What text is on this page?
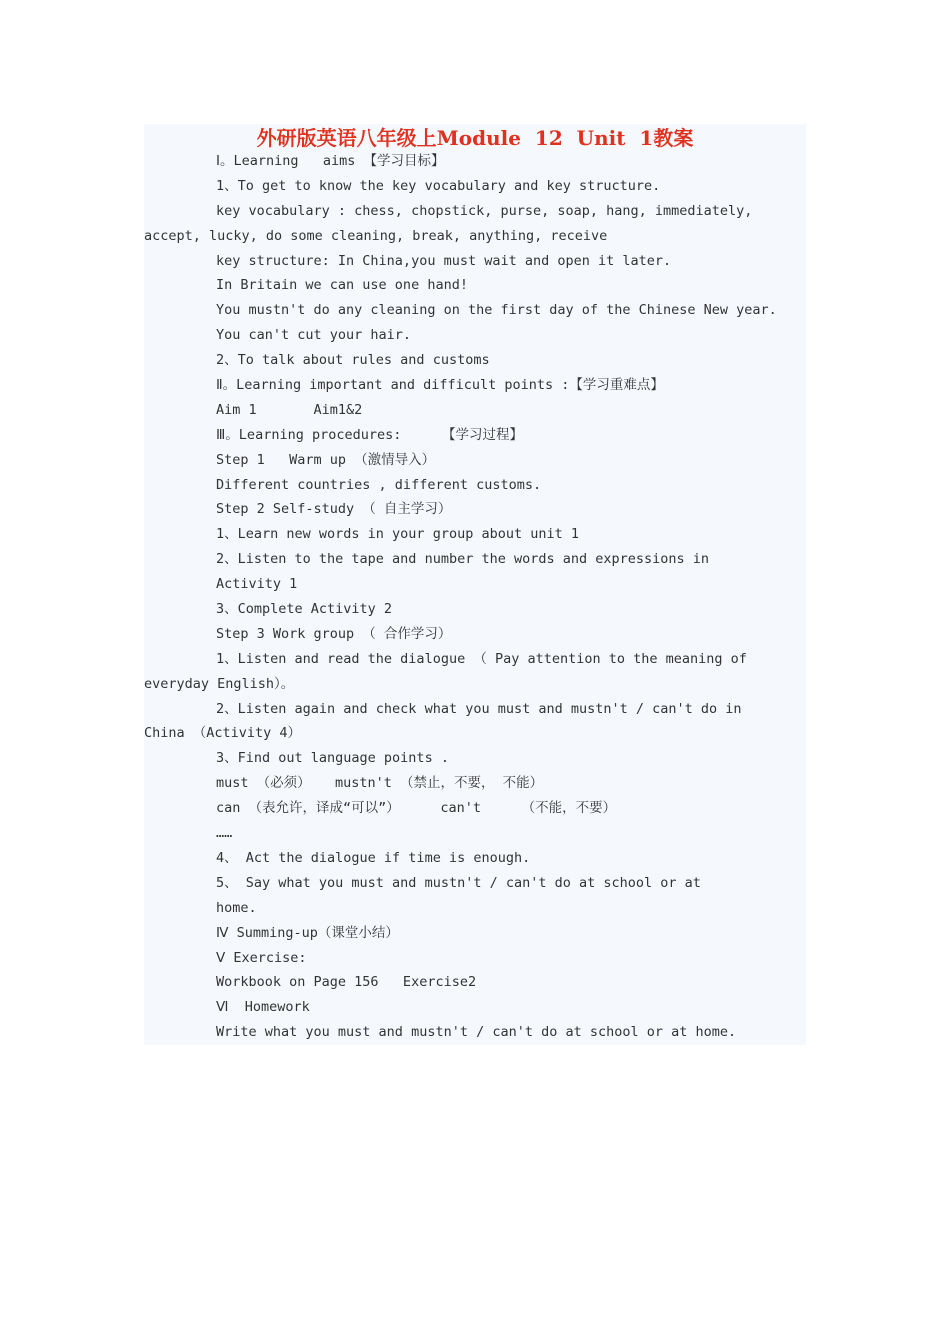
外研版英语八年级上Module  12  Unit  1教案
Ⅰ。Learning   aims 【学习目标】
1、To get to know the key vocabulary and key structure.
key vocabulary : chess, chopstick, purse, soap, hang, immediately,
accept, lucky, do some cleaning, break, anything, receive
key structure: In China,you must wait and open it later.
In Britain we can use one hand!
You mustn't do any cleaning on the first day of the Chinese New year.
You can't cut your hair.
2、To talk about rules and customs
Ⅱ。Learning important and difficult points :【学习重难点】
Aim 1       Aim1&2
Ⅲ。Learning procedures:     【学习过程】
Step 1   Warm up （激情导入）
Different countries , different customs.
Step 2 Self-study （ 自主学习）
1、Learn new words in your group about unit 1
2、Listen to the tape and number the words and expressions in
Activity 1
3、Complete Activity 2
Step 3 Work group （ 合作学习）
1、Listen and read the dialogue （ Pay attention to the meaning of
everyday English）。
2、Listen again and check what you must and mustn't / can't do in
China （Activity 4）
3、Find out language points .
must （必须）   mustn't （禁止，不要， 不能）
can （表允许，译成“可以”）     can't     （不能，不要）
……
4、 Act the dialogue if time is enough.
5、 Say what you must and mustn't / can't do at school or at
home.
Ⅳ Summing-up（课堂小结）
Ⅴ Exercise:
Workbook on Page 156   Exercise2
Ⅵ  Homework
Write what you must and mustn't / can't do at school or at home.
